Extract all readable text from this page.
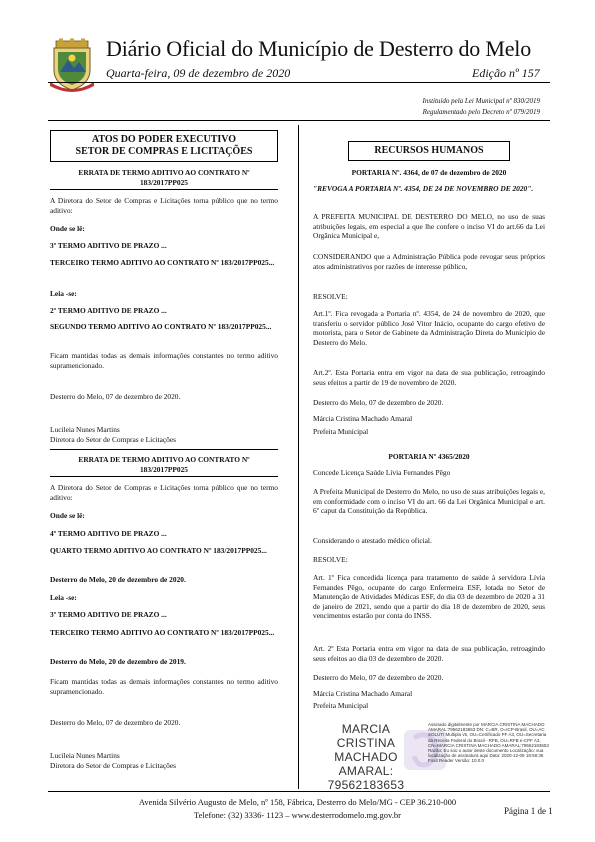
Diário Oficial do Município de Desterro do Melo
Quarta-feira, 09 de dezembro de 2020	Edição nº 157
Instituído pela Lei Municipal nº 830/2019
Regulamentado pelo Decreto nº 079/2019
ATOS DO PODER EXECUTIVO
SETOR DE COMPRAS E LICITAÇÕES
ERRATA DE TERMO ADITIVO AO CONTRATO Nº
183/2017PP025
A Diretora do Setor de Compras e Licitações torna público que no termo aditivo:
Onde se lê:
3º TERMO ADITIVO DE PRAZO ...
TERCEIRO TERMO ADITIVO AO CONTRATO Nº 183/2017PP025...
Leia -se:
2º TERMO ADITIVO DE PRAZO ...
SEGUNDO TERMO ADITIVO AO CONTRATO Nº 183/2017PP025...
Ficam mantidas todas as demais informações constantes no termo aditivo supramencionado.
Desterro do Melo, 07 de dezembro de 2020.
Lucileia Nunes Martins
Diretora do Setor de Compras e Licitações
ERRATA DE TERMO ADITIVO AO CONTRATO Nº
183/2017PP025
A Diretora do Setor de Compras e Licitações torna público que no termo aditivo:
Onde se lê:
4º TERMO ADITIVO DE PRAZO ...
QUARTO TERMO ADITIVO AO CONTRATO Nº 183/2017PP025...
Desterro do Melo, 20 de dezembro de 2020.
Leia -se:
3º TERMO ADITIVO DE PRAZO ...
TERCEIRO TERMO ADITIVO AO CONTRATO Nº 183/2017PP025...
Desterro do Melo, 20 de dezembro de 2019.
Ficam mantidas todas as demais informações constantes no termo aditivo supramencionado.
Desterro do Melo, 07 de dezembro de 2020.
Lucileia Nunes Martins
Diretora do Setor de Compras e Licitações
RECURSOS HUMANOS
PORTARIA Nº. 4364, de 07 de dezembro de 2020
"REVOGA A PORTARIA Nº. 4354, DE 24 DE NOVEMBRO DE 2020".
A PREFEITA MUNICIPAL DE DESTERRO DO MELO, no uso de suas atribuições legais, em especial a que lhe confere o inciso VI do art.66 da Lei Orgânica Municipal e,
CONSIDERANDO que a Administração Pública pode revogar seus próprios atos administrativos por razões de interesse público,
RESOLVE:
Art.1º. Fica revogada a Portaria nº. 4354, de 24 de novembro de 2020, que transferiu o servidor público José Vitor Inácio, ocupante do cargo efetivo de motorista, para o Setor de Gabinete da Administração Direta do Município de Desterro do Melo.
Art.2º. Esta Portaria entra em vigor na data de sua publicação, retroagindo seus efeitos a partir de 19 de novembro de 2020.
Desterro do Melo, 07 de dezembro de 2020.
Márcia Cristina Machado Amaral
Prefeita Municipal
PORTARIA Nº 4365/2020
Concede Licença Saúde Lívia Fernandes Pêgo
A Prefeita Municipal de Desterro do Melo, no uso de suas atribuições legais e, em conformidade com o inciso VI do art. 66 da Lei Orgânica Municipal e art. 6º caput da Constituição da República.
Considerando o atestado médico oficial.
RESOLVE:
Art. 1º Fica concedida licença para tratamento de saúde à servidora Lívia Fernandes Pêgo, ocupante do cargo Enfermeira ESF, lotada no Setor de Manutenção de Atividades Médicas ESF, do dia 03 de dezembro de 2020 a 31 de janeiro de 2021, sendo que a partir do dia 18 de dezembro de 2020, seus vencimentos estarão por conta do INSS.
Art. 2º Esta Portaria entra em vigor na data de sua publicação, retroagindo seus efeitos ao dia 03 de dezembro de 2020.
Desterro do Melo, 07 de dezembro de 2020.
Márcia Cristina Machado Amaral
Prefeita Municipal
MARCIA CRISTINA
MACHADO
AMARAL:
79562183653
Assinado digitalmente por MARCIA CRISTINA MACHADO AMARAL:79562183653 DN: C=BR, O=ICP-Brasil, OU=AC SOLUTI Multipla v5, OU=Certificado PF A3, OU=Secretaria da Receita Federal do Brasil - RFB, OU=RFB e-CPF A3, CN=MARCIA CRISTINA MACHADO AMARAL:79562183653 Razão: Eu sou o autor deste documento Localização: sua localização de assinatura aqui Data: 2020-12-09 18:58:36 Foxit Reader Versão: 10.0.0
Avenida Silvério Augusto de Melo, nº 158, Fábrica, Desterro do Melo/MG - CEP 36.210-000
Telefone: (32) 3336- 1123 – www.desterrodomelo.mg.gov.br	Página 1 de 1
